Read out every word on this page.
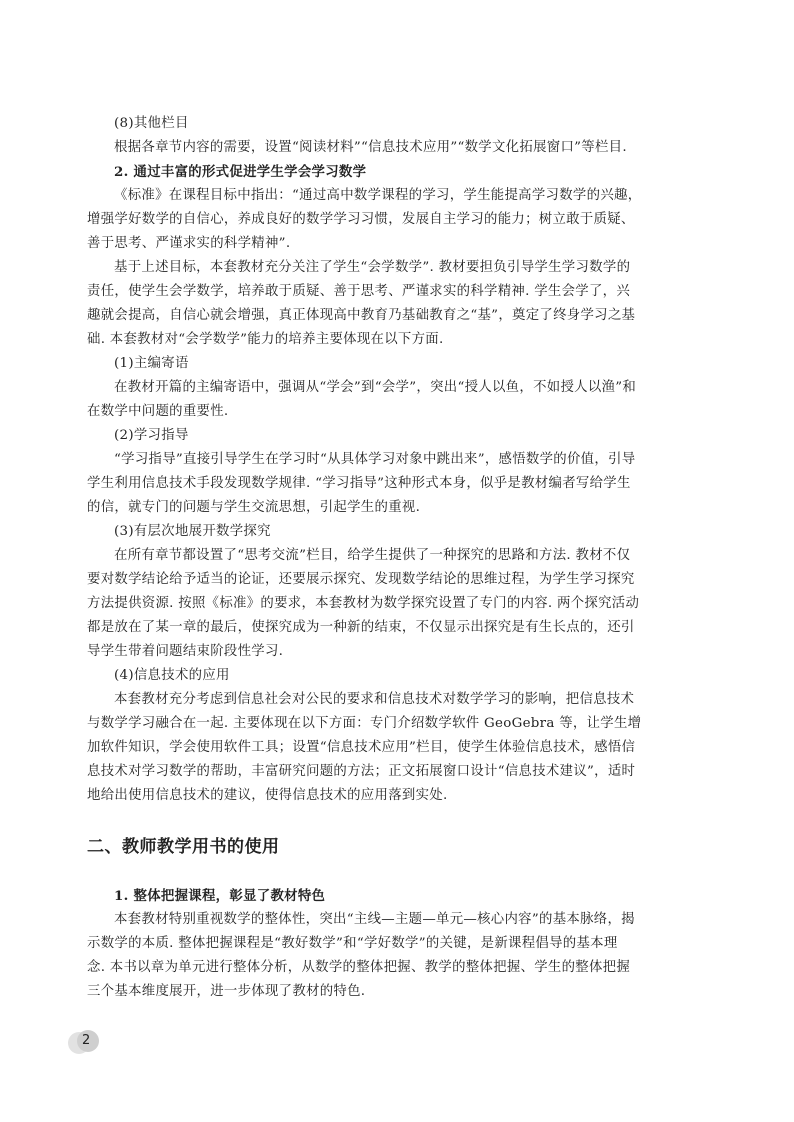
(8)其他栏目

根据各章节内容的需要，设置“阅读材料”“信息技术应用”“数学文化拓展窗口”等栏目.

2. 通过丰富的形式促进学生学会学习数学

《标准》在课程目标中指出：“通过高中数学课程的学习，学生能提高学习数学的兴趣，

增强学好数学的自信心，养成良好的数学学习习惯，发展自主学习的能力；树立敢于质疑、

善于思考、严谨求实的科学精神”.

基于上述目标，本套教材充分关注了学生“会学数学”. 教材要担负引导学生学习数学的

责任，使学生会学数学，培养敢于质疑、善于思考、严谨求实的科学精神. 学生会学了，兴

趣就会提高，自信心就会增强，真正体现高中教育乃基础教育之“基”，奠定了终身学习之基

础. 本套教材对“会学数学”能力的培养主要体现在以下方面.

(1)主编寄语

在教材开篇的主编寄语中，强调从“学会”到“会学”，突出“授人以鱼，不如授人以渔”和

在数学中问题的重要性.

(2)学习指导

“学习指导”直接引导学生在学习时“从具体学习对象中跳出来”，感悟数学的价值，引导

学生利用信息技术手段发现数学规律. “学习指导”这种形式本身，似乎是教材编者写给学生

的信，就专门的问题与学生交流思想，引起学生的重视.

(3)有层次地展开数学探究

在所有章节都设置了“思考交流”栏目，给学生提供了一种探究的思路和方法. 教材不仅

要对数学结论给予适当的论证，还要展示探究、发现数学结论的思维过程，为学生学习探究

方法提供资源. 按照《标准》的要求，本套教材为数学探究设置了专门的内容. 两个探究活动

都是放在了某一章的最后，使探究成为一种新的结束，不仅显示出探究是有生长点的，还引

导学生带着问题结束阶段性学习.

(4)信息技术的应用

本套教材充分考虑到信息社会对公民的要求和信息技术对数学学习的影响，把信息技术

与数学学习融合在一起. 主要体现在以下方面：专门介绍数学软件 GeoGebra 等，让学生增

加软件知识，学会使用软件工具；设置“信息技术应用”栏目，使学生体验信息技术，感悟信

息技术对学习数学的帮助，丰富研究问题的方法；正文拓展窗口设计“信息技术建议”，适时

地给出使用信息技术的建议，使得信息技术的应用落到实处.

二、教师教学用书的使用

1. 整体把握课程，彰显了教材特色

本套教材特别重视数学的整体性，突出“主线—主题—单元—核心内容”的基本脉络，揭

示数学的本质. 整体把握课程是“教好数学”和“学好数学”的关键，是新课程倡导的基本理

念. 本书以章为单元进行整体分析，从数学的整体把握、教学的整体把握、学生的整体把握

三个基本维度展开，进一步体现了教材的特色.

2
